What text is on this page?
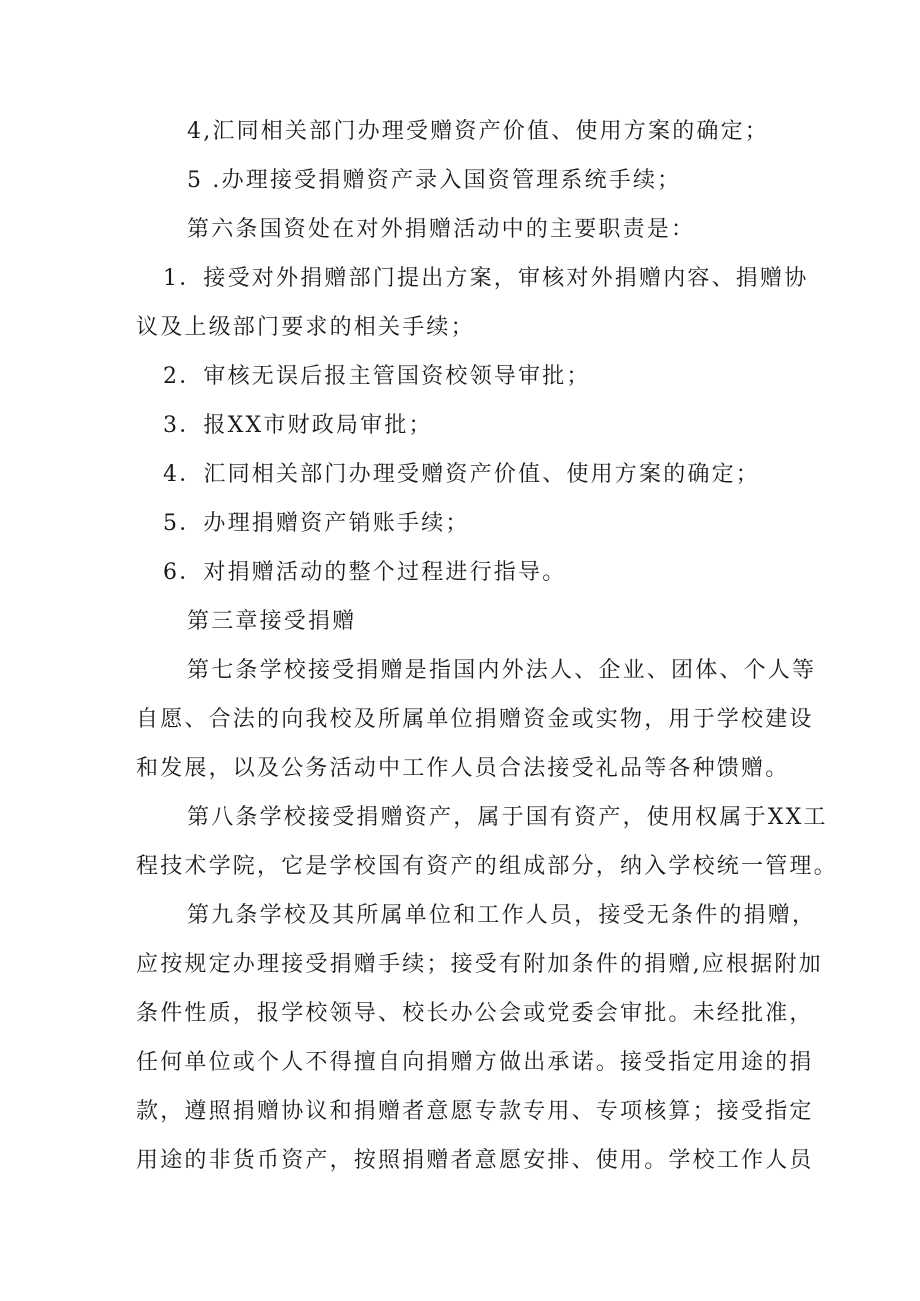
4,汇同相关部门办理受赠资产价值、使用方案的确定；
5 .办理接受捐赠资产录入国资管理系统手续；
第六条国资处在对外捐赠活动中的主要职责是：
1．接受对外捐赠部门提出方案，审核对外捐赠内容、捐赠协
议及上级部门要求的相关手续；
2．审核无误后报主管国资校领导审批；
3．报XX市财政局审批；
4．汇同相关部门办理受赠资产价值、使用方案的确定；
5．办理捐赠资产销账手续；
6．对捐赠活动的整个过程进行指导。
第三章接受捐赠
第七条学校接受捐赠是指国内外法人、企业、团体、个人等
自愿、合法的向我校及所属单位捐赠资金或实物，用于学校建设
和发展，以及公务活动中工作人员合法接受礼品等各种馈赠。
第八条学校接受捐赠资产，属于国有资产，使用权属于XX工
程技术学院，它是学校国有资产的组成部分，纳入学校统一管理。
第九条学校及其所属单位和工作人员，接受无条件的捐赠，
应按规定办理接受捐赠手续；接受有附加条件的捐赠,应根据附加
条件性质，报学校领导、校长办公会或党委会审批。未经批准，
任何单位或个人不得擅自向捐赠方做出承诺。接受指定用途的捐
款，遵照捐赠协议和捐赠者意愿专款专用、专项核算；接受指定
用途的非货币资产，按照捐赠者意愿安排、使用。学校工作人员
